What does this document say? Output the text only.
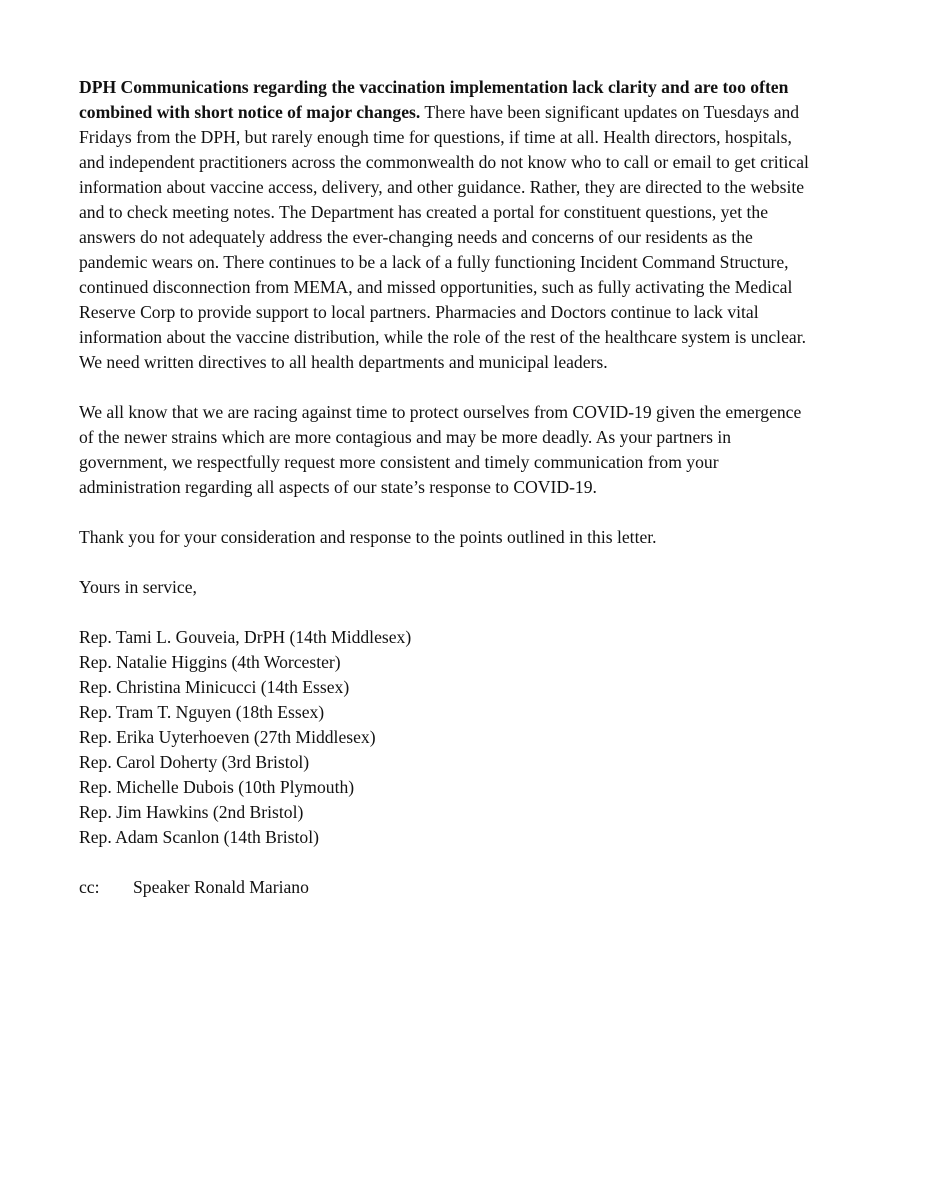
DPH Communications regarding the vaccination implementation lack clarity and are too often
combined with short notice of major changes. There have been significant updates on Tuesdays and
Fridays from the DPH, but rarely enough time for questions, if time at all. Health directors, hospitals,
and independent practitioners across the commonwealth do not know who to call or email to get critical
information about vaccine access, delivery, and other guidance. Rather, they are directed to the website
and to check meeting notes. The Department has created a portal for constituent questions, yet the
answers do not adequately address the ever-changing needs and concerns of our residents as the
pandemic wears on. There continues to be a lack of a fully functioning Incident Command Structure,
continued disconnection from MEMA, and missed opportunities, such as fully activating the Medical
Reserve Corp to provide support to local partners. Pharmacies and Doctors continue to lack vital
information about the vaccine distribution, while the role of the rest of the healthcare system is unclear.
We need written directives to all health departments and municipal leaders.
We all know that we are racing against time to protect ourselves from COVID-19 given the emergence
of the newer strains which are more contagious and may be more deadly. As your partners in
government, we respectfully request more consistent and timely communication from your
administration regarding all aspects of our state’s response to COVID-19.

Thank you for your consideration and response to the points outlined in this letter.

Yours in service,

Rep. Tami L. Gouveia, DrPH (14th Middlesex)
Rep. Natalie Higgins (4th Worcester)
Rep. Christina Minicucci (14th Essex)
Rep. Tram T. Nguyen (18th Essex)
Rep. Erika Uyterhoeven (27th Middlesex)
Rep. Carol Doherty (3rd Bristol)
Rep. Michelle Dubois (10th Plymouth)
Rep. Jim Hawkins (2nd Bristol)
Rep. Adam Scanlon (14th Bristol)
cc:	Speaker Ronald Mariano
